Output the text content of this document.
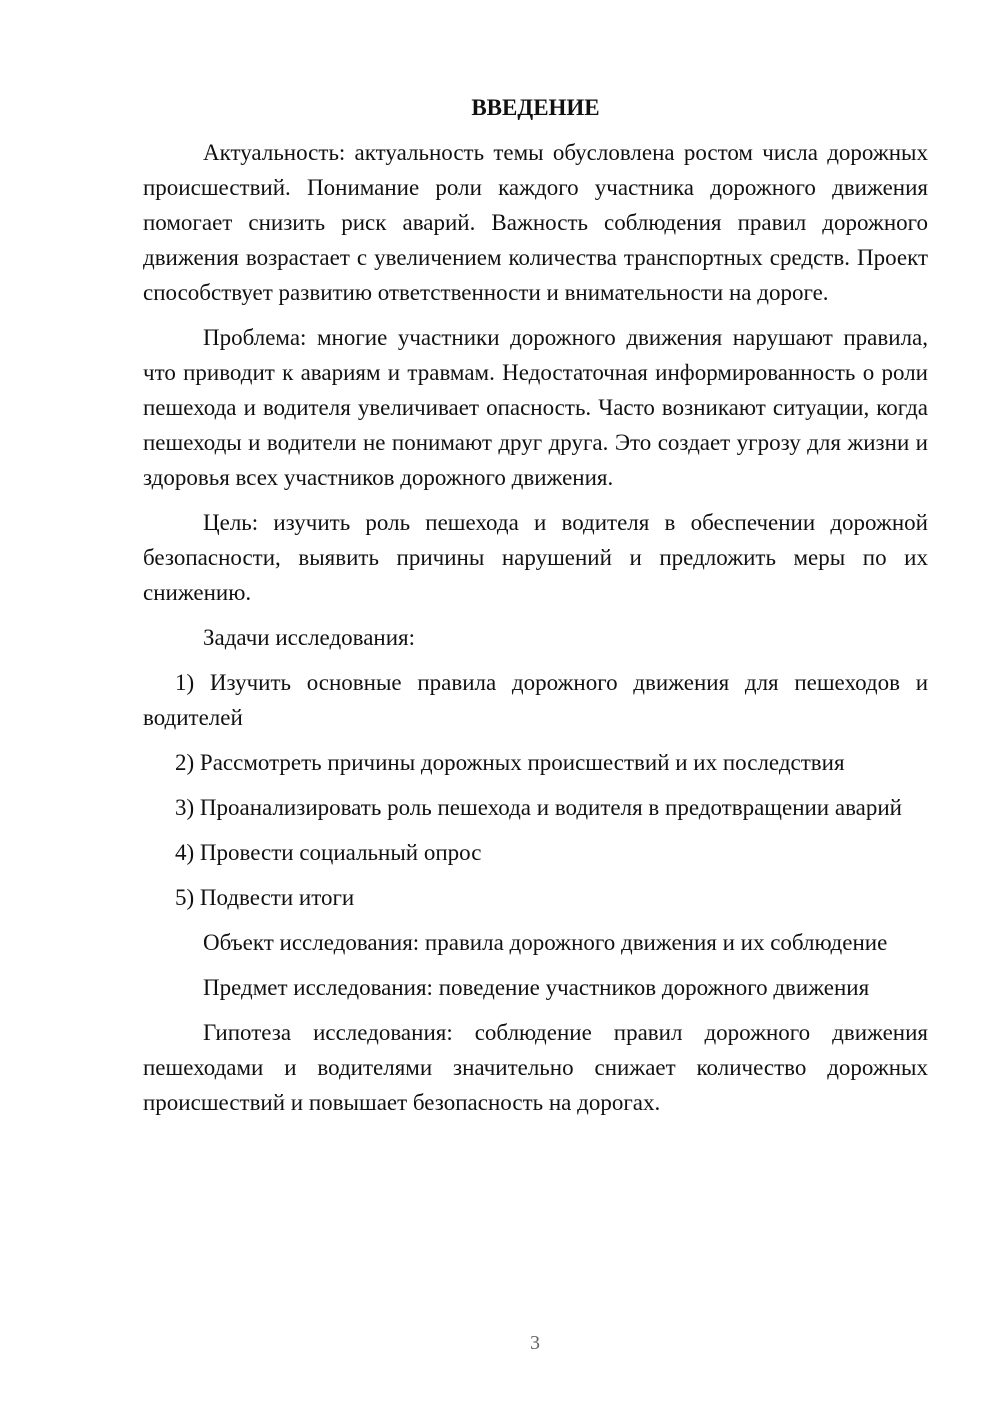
ВВЕДЕНИЕ

Актуальность: актуальность темы обусловлена ростом числа дорожных происшествий. Понимание роли каждого участника дорожного движения помогает снизить риск аварий. Важность соблюдения правил дорожного движения возрастает с увеличением количества транспортных средств. Проект способствует развитию ответственности и внимательности на дороге.

Проблема: многие участники дорожного движения нарушают правила, что приводит к авариям и травмам. Недостаточная информированность о роли пешехода и водителя увеличивает опасность. Часто возникают ситуации, когда пешеходы и водители не понимают друг друга. Это создает угрозу для жизни и здоровья всех участников дорожного движения.

Цель: изучить роль пешехода и водителя в обеспечении дорожной безопасности, выявить причины нарушений и предложить меры по их снижению.

Задачи исследования:

1) Изучить основные правила дорожного движения для пешеходов и водителей

2) Рассмотреть причины дорожных происшествий и их последствия

3) Проанализировать роль пешехода и водителя в предотвращении аварий

4) Провести социальный опрос

5) Подвести итоги

Объект исследования: правила дорожного движения и их соблюдение

Предмет исследования: поведение участников дорожного движения

Гипотеза исследования: соблюдение правил дорожного движения пешеходами и водителями значительно снижает количество дорожных происшествий и повышает безопасность на дорогах.

3
